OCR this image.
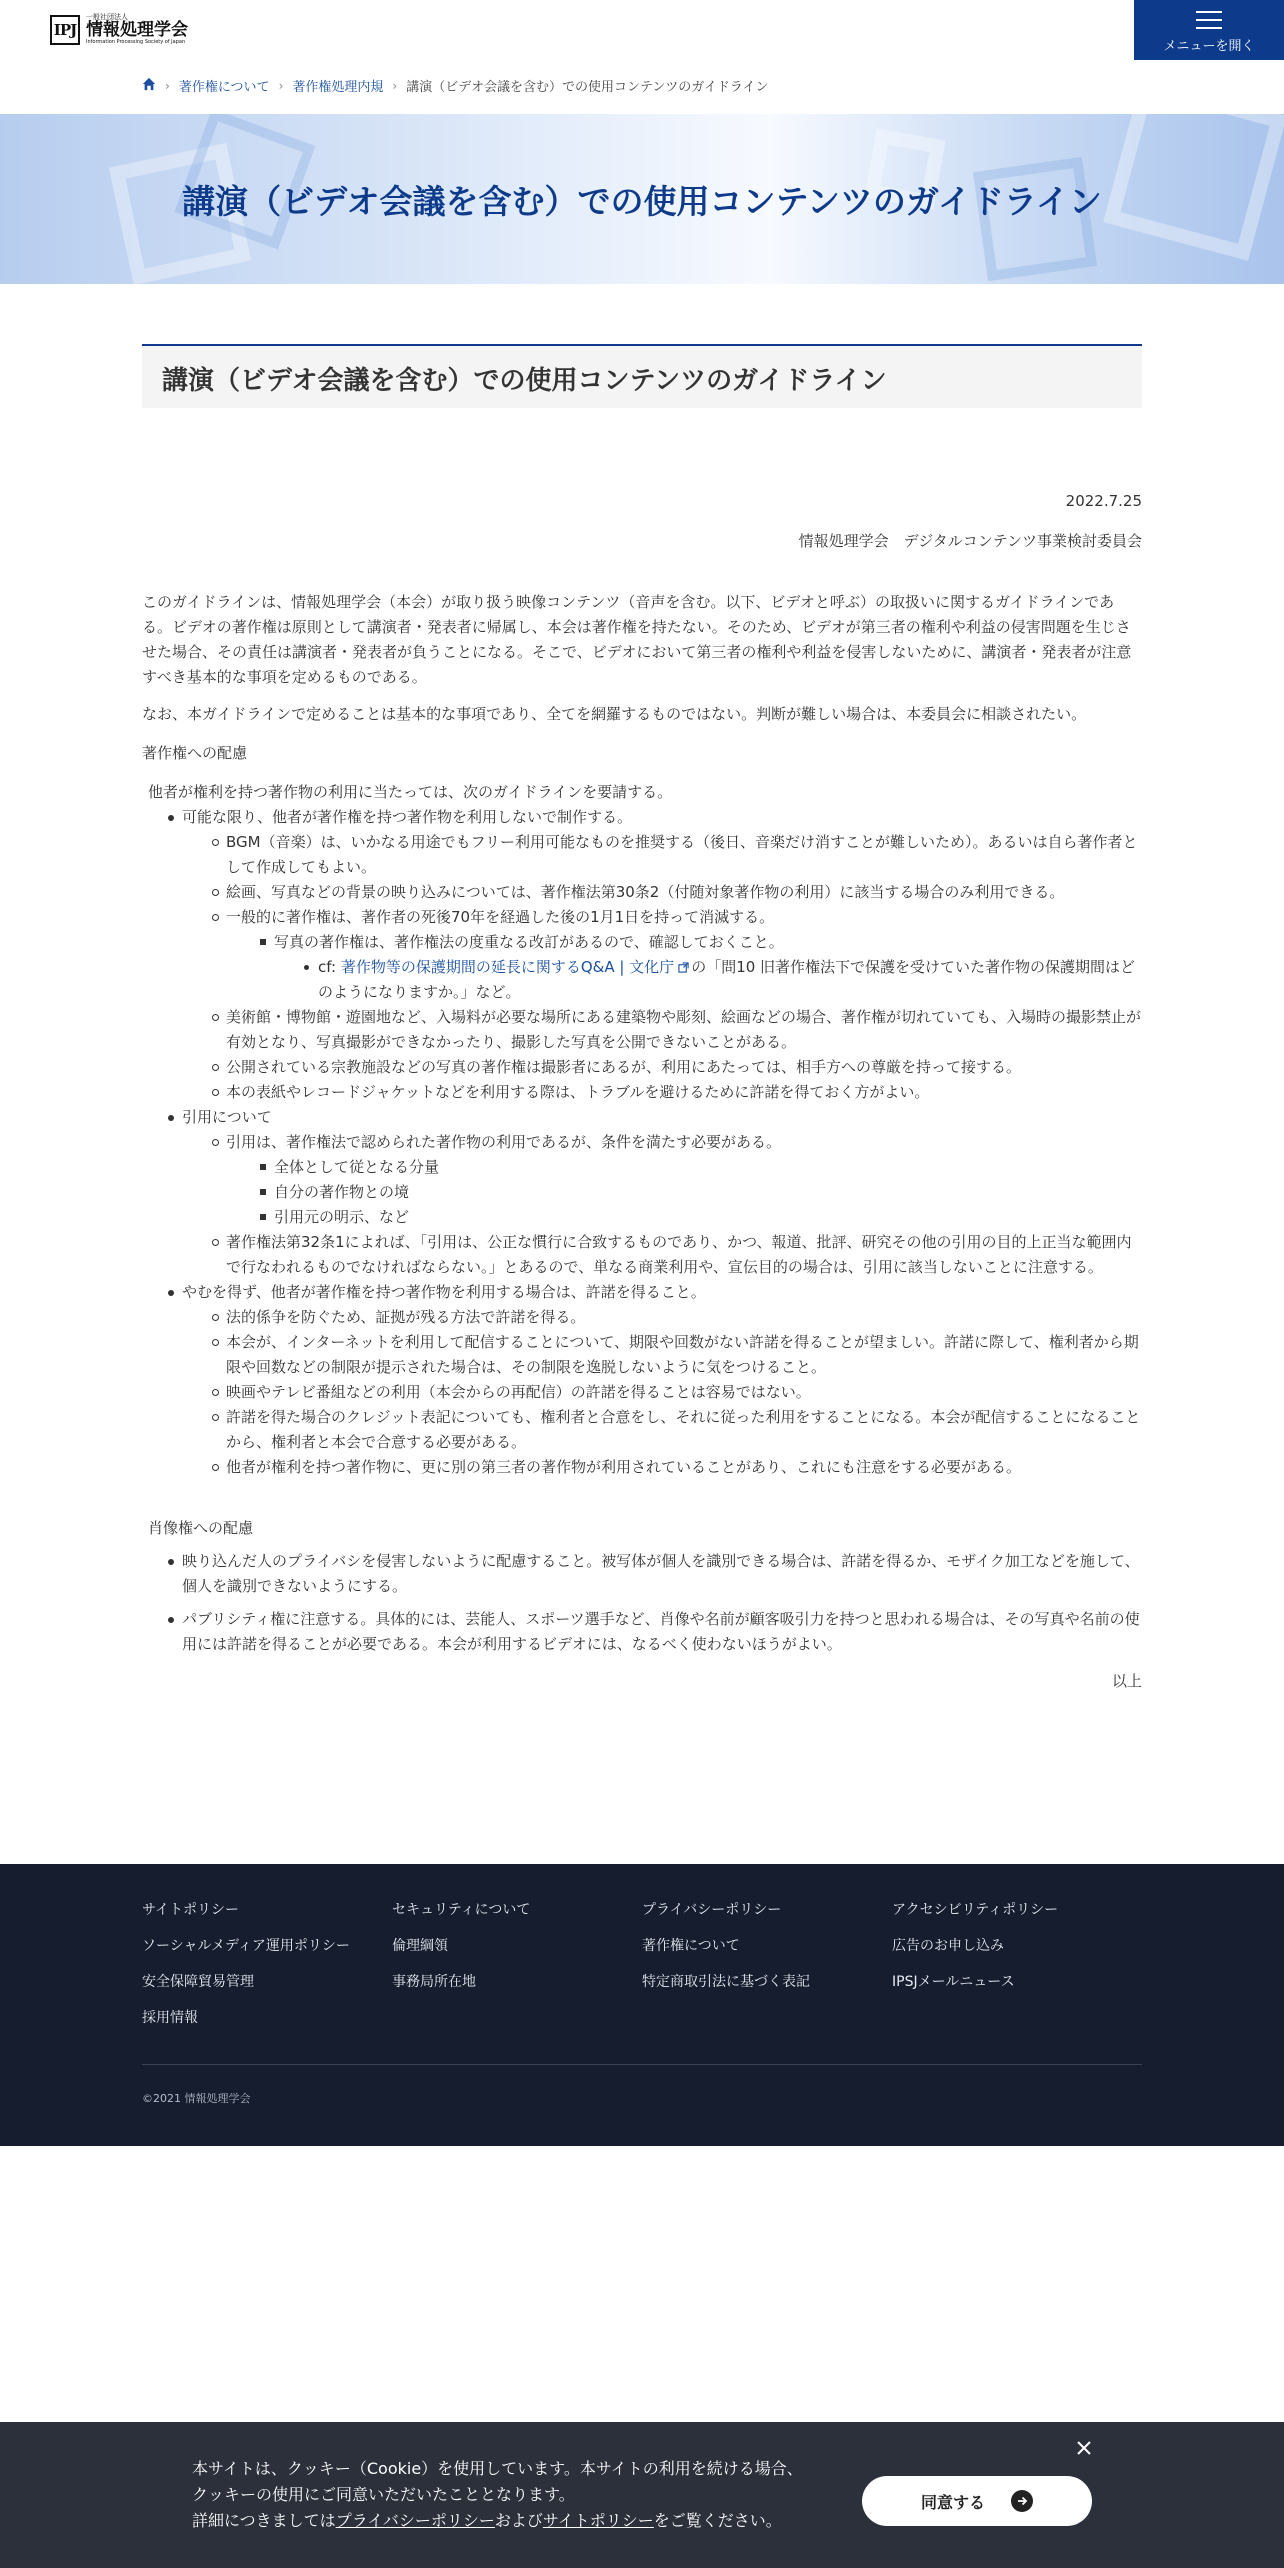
IPJ
一般社団法人
情報処理学会
Information Processing Society of Japan	メニューを開く
› 著作権について › 著作権処理内規 › 講演（ビデオ会議を含む）での使用コンテンツのガイドライン
講演（ビデオ会議を含む）での使用コンテンツのガイドライン
講演（ビデオ会議を含む）での使用コンテンツのガイドライン
2022.7.25
情報処理学会　デジタルコンテンツ事業検討委員会

このガイドラインは、情報処理学会（本会）が取り扱う映像コンテンツ（音声を含む。以下、ビデオと呼ぶ）の取扱いに関するガイドラインである。ビデオの著作権は原則として講演者・発表者に帰属し、本会は著作権を持たない。そのため、ビデオが第三者の権利や利益の侵害問題を生じさせた場合、その責任は講演者・発表者が負うことになる。そこで、ビデオにおいて第三者の権利や利益を侵害しないために、講演者・発表者が注意すべき基本的な事項を定めるものである。

なお、本ガイドラインで定めることは基本的な事項であり、全てを網羅するものではない。判断が難しい場合は、本委員会に相談されたい。

著作権への配慮

他者が権利を持つ著作物の利用に当たっては、次のガイドラインを要請する。

可能な限り、他者が著作権を持つ著作物を利用しないで制作する。
BGM（音楽）は、いかなる用途でもフリー利用可能なものを推奨する（後日、音楽だけ消すことが難しいため）。あるいは自ら著作者として作成してもよい。
絵画、写真などの背景の映り込みについては、著作権法第30条2（付随対象著作物の利用）に該当する場合のみ利用できる。
一般的に著作権は、著作者の死後70年を経過した後の1月1日を持って消滅する。
写真の著作権は、著作権法の度重なる改訂があるので、確認しておくこと。
cf: 著作物等の保護期間の延長に関するQ&A | 文化庁 の「問10 旧著作権法下で保護を受けていた著作物の保護期間はどのようになりますか。」など。
美術館・博物館・遊園地など、入場料が必要な場所にある建築物や彫刻、絵画などの場合、著作権が切れていても、入場時の撮影禁止が有効となり、写真撮影ができなかったり、撮影した写真を公開できないことがある。
公開されている宗教施設などの写真の著作権は撮影者にあるが、利用にあたっては、相手方への尊厳を持って接する。
本の表紙やレコードジャケットなどを利用する際は、トラブルを避けるために許諾を得ておく方がよい。
引用について
引用は、著作権法で認められた著作物の利用であるが、条件を満たす必要がある。
全体として従となる分量
自分の著作物との境
引用元の明示、など
著作権法第32条1によれば、「引用は、公正な慣行に合致するものであり、かつ、報道、批評、研究その他の引用の目的上正当な範囲内で行なわれるものでなければならない。」とあるので、単なる商業利用や、宣伝目的の場合は、引用に該当しないことに注意する。
やむを得ず、他者が著作権を持つ著作物を利用する場合は、許諾を得ること。
法的係争を防ぐため、証拠が残る方法で許諾を得る。
本会が、インターネットを利用して配信することについて、期限や回数がない許諾を得ることが望ましい。許諾に際して、権利者から期限や回数などの制限が提示された場合は、その制限を逸脱しないように気をつけること。
映画やテレビ番組などの利用（本会からの再配信）の許諾を得ることは容易ではない。
許諾を得た場合のクレジット表記についても、権利者と合意をし、それに従った利用をすることになる。本会が配信することになることから、権利者と本会で合意する必要がある。
他者が権利を持つ著作物に、更に別の第三者の著作物が利用されていることがあり、これにも注意をする必要がある。

肖像権への配慮

映り込んだ人のプライバシを侵害しないように配慮すること。被写体が個人を識別できる場合は、許諾を得るか、モザイク加工などを施して、個人を識別できないようにする。
パブリシティ権に注意する。具体的には、芸能人、スポーツ選手など、肖像や名前が顧客吸引力を持つと思われる場合は、その写真や名前の使用には許諾を得ることが必要である。本会が利用するビデオには、なるべく使わないほうがよい。

以上

サイトポリシー	セキュリティについて	プライバシーポリシー	アクセシビリティポリシー
ソーシャルメディア運用ポリシー	倫理綱領	著作権について	広告のお申し込み
安全保障貿易管理	事務局所在地	特定商取引法に基づく表記	IPSJメールニュース
採用情報
©2021 情報処理学会
本サイトは、クッキー（Cookie）を使用しています。本サイトの利用を続ける場合、クッキーの使用にご同意いただいたこととなります。
詳細につきましてはプライバシーポリシーおよびサイトポリシーをご覧ください。
同意する
